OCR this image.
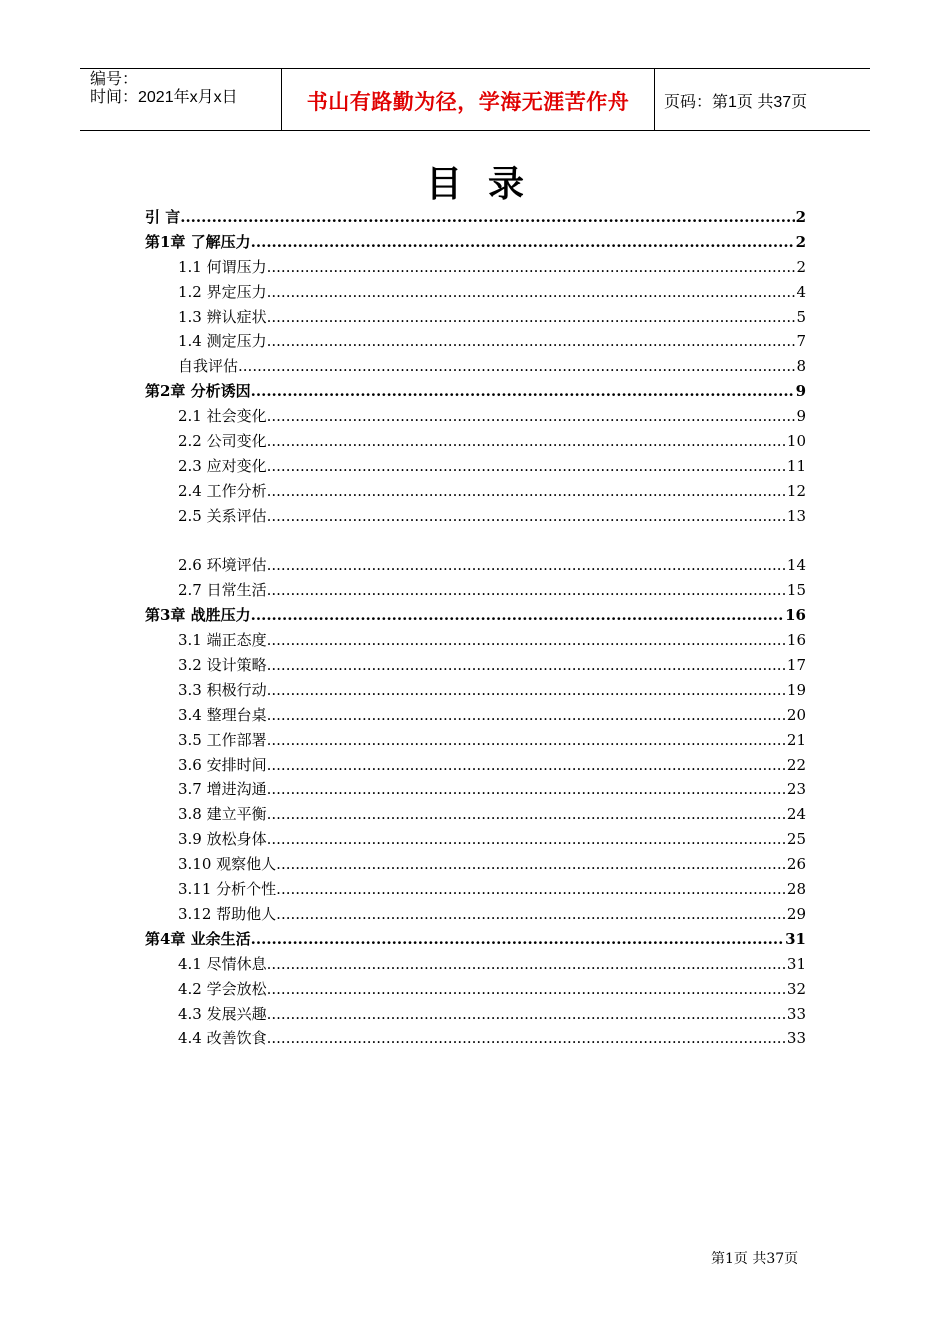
编号：
时间：2021年x月x日	书山有路勤为径，学海无涯苦作舟	页码：第1页 共37页
目录
引 言 .....	2
第1章 了解压力 .....	2
1.1 何谓压力 .....	2
1.2 界定压力 .....	4
1.3 辨认症状 .....	5
1.4 测定压力 .....	7
自我评估 .....	8
第2章 分析诱因 .....	9
2.1 社会变化 .....	9
2.2 公司变化 .....	10
2.3 应对变化 .....	11
2.4 工作分析 .....	12
2.5 关系评估 .....	13
2.6 环境评估 .....	14
2.7 日常生活 .....	15
第3章 战胜压力 .....	16
3.1 端正态度 .....	16
3.2 设计策略 .....	17
3.3 积极行动 .....	19
3.4 整理台桌 .....	20
3.5 工作部署 .....	21
3.6 安排时间 .....	22
3.7 增进沟通 .....	23
3.8 建立平衡 .....	24
3.9 放松身体 .....	25
3.10 观察他人 .....	26
3.11 分析个性 .....	28
3.12 帮助他人 .....	29
第4章 业余生活 .....	31
4.1 尽情休息 .....	31
4.2 学会放松 .....	32
4.3 发展兴趣 .....	33
4.4 改善饮食 .....	33
第1页 共37页
